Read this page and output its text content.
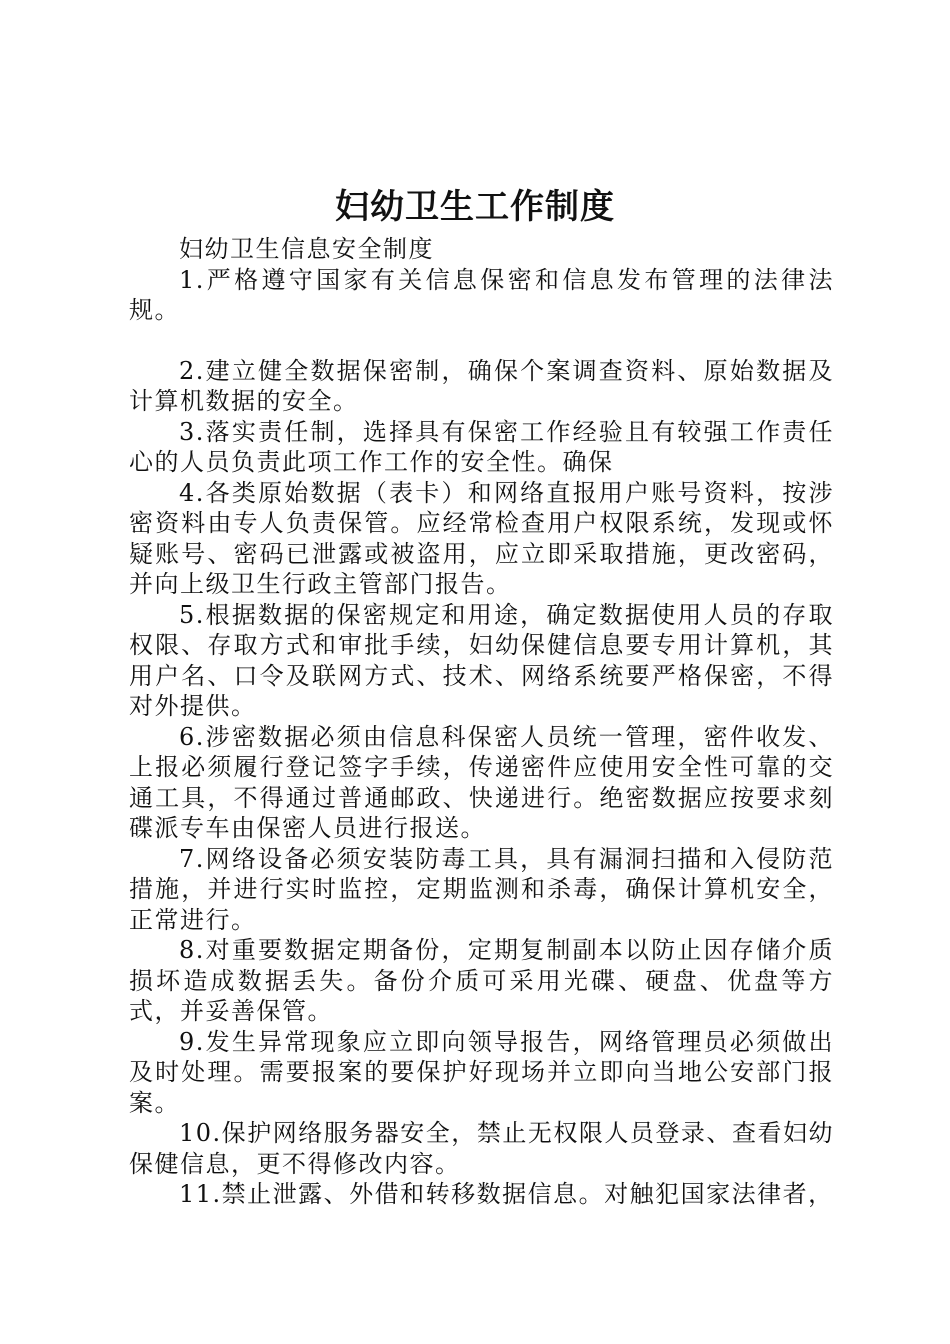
妇幼卫生工作制度

妇幼卫生信息安全制度

1.严格遵守国家有关信息保密和信息发布管理的法律法规。

2.建立健全数据保密制，确保个案调查资料、原始数据及计算机数据的安全。

3.落实责任制，选择具有保密工作经验且有较强工作责任心的人员负责此项工作工作的安全性。确保

4.各类原始数据（表卡）和网络直报用户账号资料，按涉密资料由专人负责保管。应经常检查用户权限系统，发现或怀疑账号、密码已泄露或被盗用，应立即采取措施，更改密码，并向上级卫生行政主管部门报告。

5.根据数据的保密规定和用途，确定数据使用人员的存取权限、存取方式和审批手续，妇幼保健信息要专用计算机，其用户名、口令及联网方式、技术、网络系统要严格保密，不得对外提供。

6.涉密数据必须由信息科保密人员统一管理，密件收发、上报必须履行登记签字手续，传递密件应使用安全性可靠的交通工具，不得通过普通邮政、快递进行。绝密数据应按要求刻碟派专车由保密人员进行报送。

7.网络设备必须安装防毒工具，具有漏洞扫描和入侵防范措施，并进行实时监控，定期监测和杀毒，确保计算机安全，正常进行。

8.对重要数据定期备份，定期复制副本以防止因存储介质损坏造成数据丢失。备份介质可采用光碟、硬盘、优盘等方式，并妥善保管。

9.发生异常现象应立即向领导报告，网络管理员必须做出及时处理。需要报案的要保护好现场并立即向当地公安部门报案。

10.保护网络服务器安全，禁止无权限人员登录、查看妇幼保健信息，更不得修改内容。

11.禁止泄露、外借和转移数据信息。对触犯国家法律者，
